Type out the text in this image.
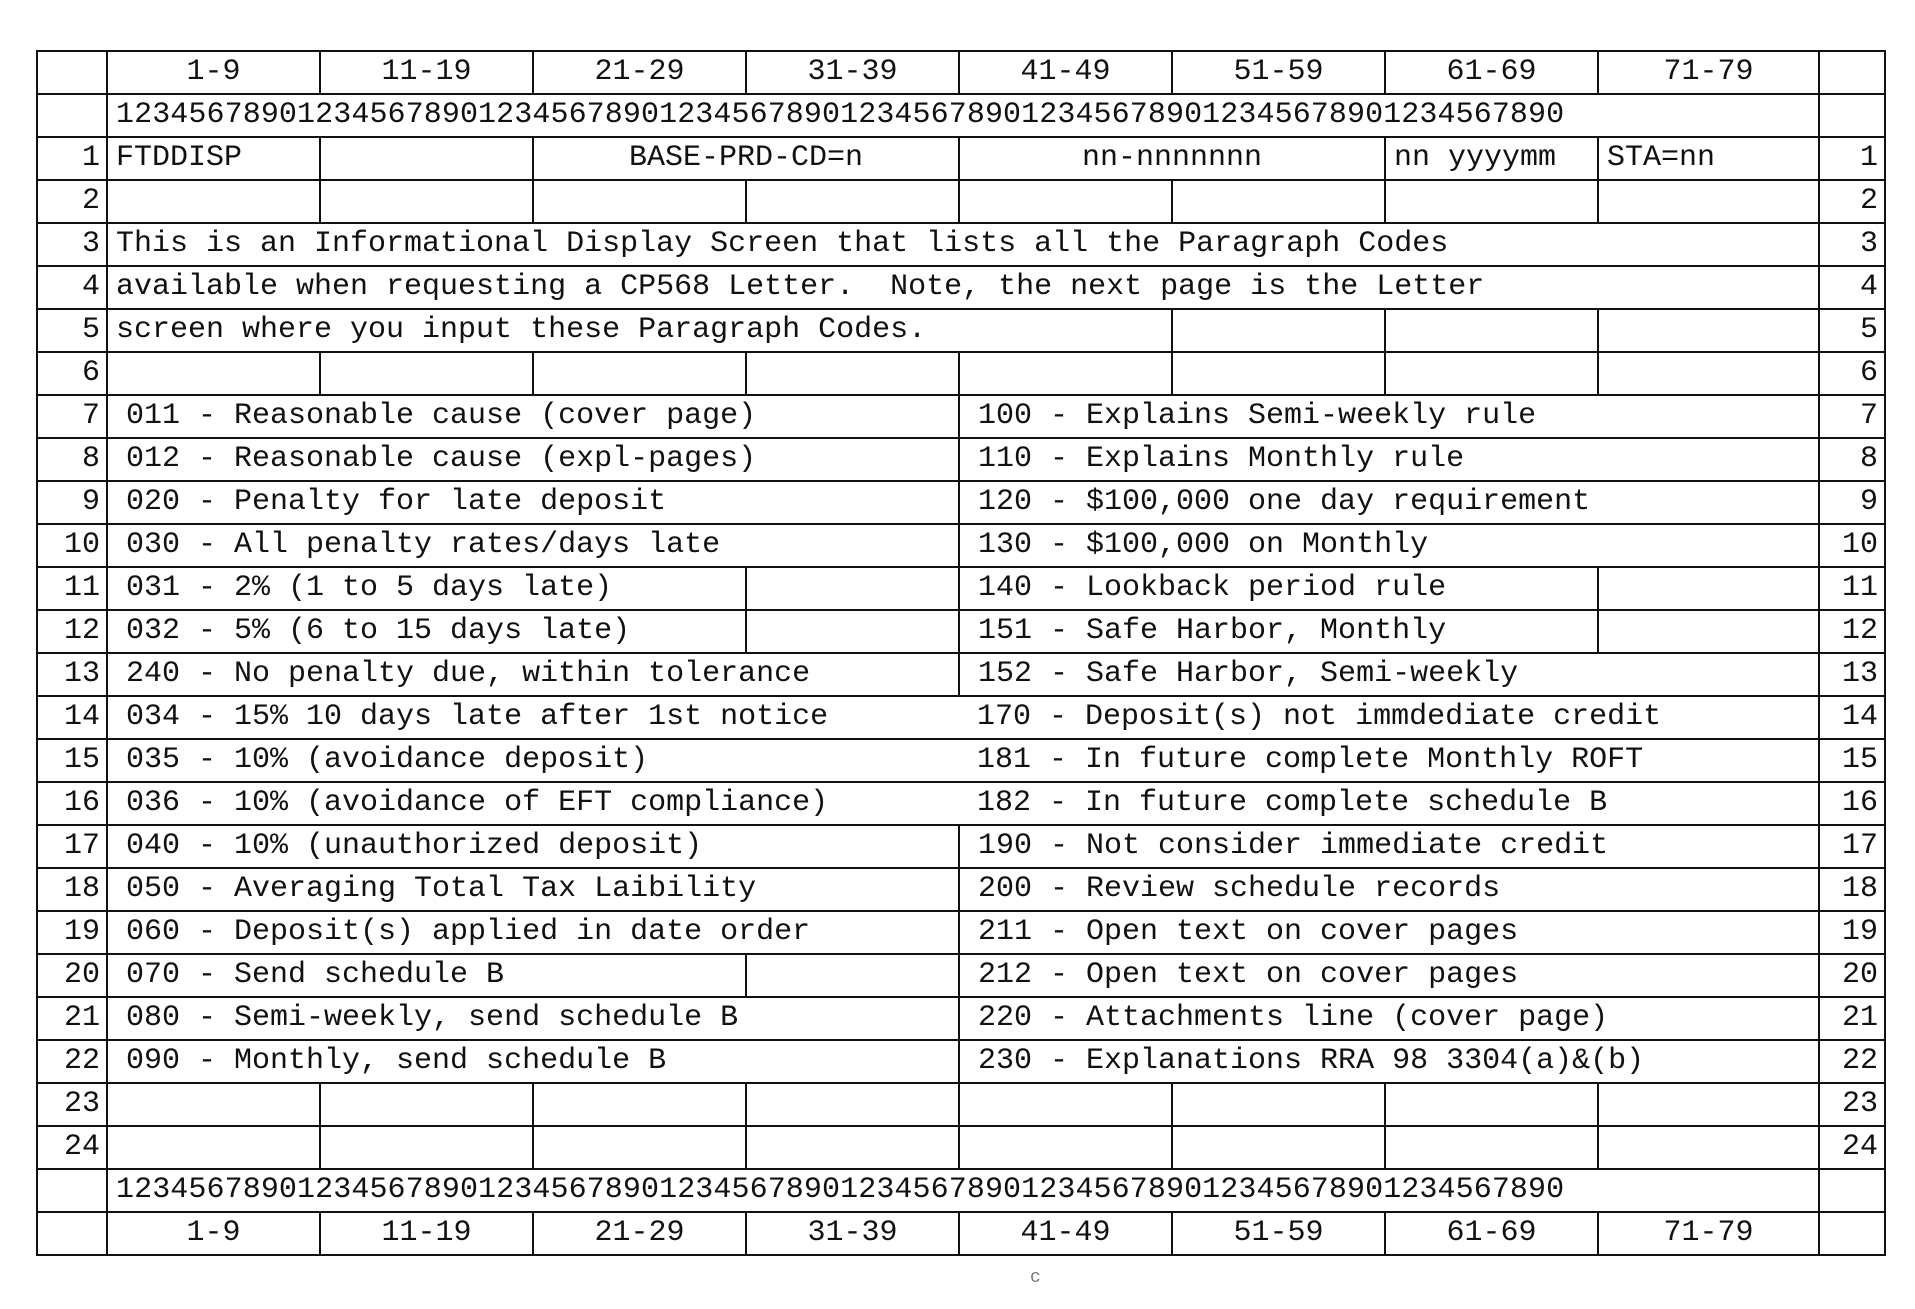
	1-9	11-19	21-29	31-39	41-49	51-59	61-69	71-79	
	12345678901234567890123456789012345678901234567890123456789012345678901234567890								
1	FTDDISP		BASE-PRD-CD=n		nn-nnnnnnn		nn yyyymm	STA=nn	1
2									2
3	This is an Informational Display Screen that lists all the Paragraph Codes								3
4	available when requesting a CP568 Letter.  Note, the next page is the Letter								4
5	screen where you input these Paragraph Codes.								5
6									6
7	011 - Reasonable cause (cover page)				100 - Explains Semi-weekly rule				7
8	012 - Reasonable cause (expl-pages)				110 - Explains Monthly rule				8
9	020 - Penalty for late deposit				120 - $100,000 one day requirement				9
10	030 - All penalty rates/days late				130 - $100,000 on Monthly				10
11	031 - 2% (1 to 5 days late)				140 - Lookback period rule				11
12	032 - 5% (6 to 15 days late)				151 - Safe Harbor, Monthly				12
13	240 - No penalty due, within tolerance				152 - Safe Harbor, Semi-weekly				13
14	034 - 15% 10 days late after 1st notice				170 - Deposit(s) not immdediate credit				14
15	035 - 10% (avoidance deposit)				181 - In future complete Monthly ROFT				15
16	036 - 10% (avoidance of EFT compliance)				182 - In future complete schedule B				16
17	040 - 10% (unauthorized deposit)				190 - Not consider immediate credit				17
18	050 - Averaging Total Tax Laibility				200 - Review schedule records				18
19	060 - Deposit(s) applied in date order				211 - Open text on cover pages				19
20	070 - Send schedule B				212 - Open text on cover pages				20
21	080 - Semi-weekly, send schedule B				220 - Attachments line (cover page)				21
22	090 - Monthly, send schedule B				230 - Explanations RRA 98 3304(a)&(b)				22
23									23
24									24
	12345678901234567890123456789012345678901234567890123456789012345678901234567890								
	1-9	11-19	21-29	31-39	41-49	51-59	61-69	71-79	
c
